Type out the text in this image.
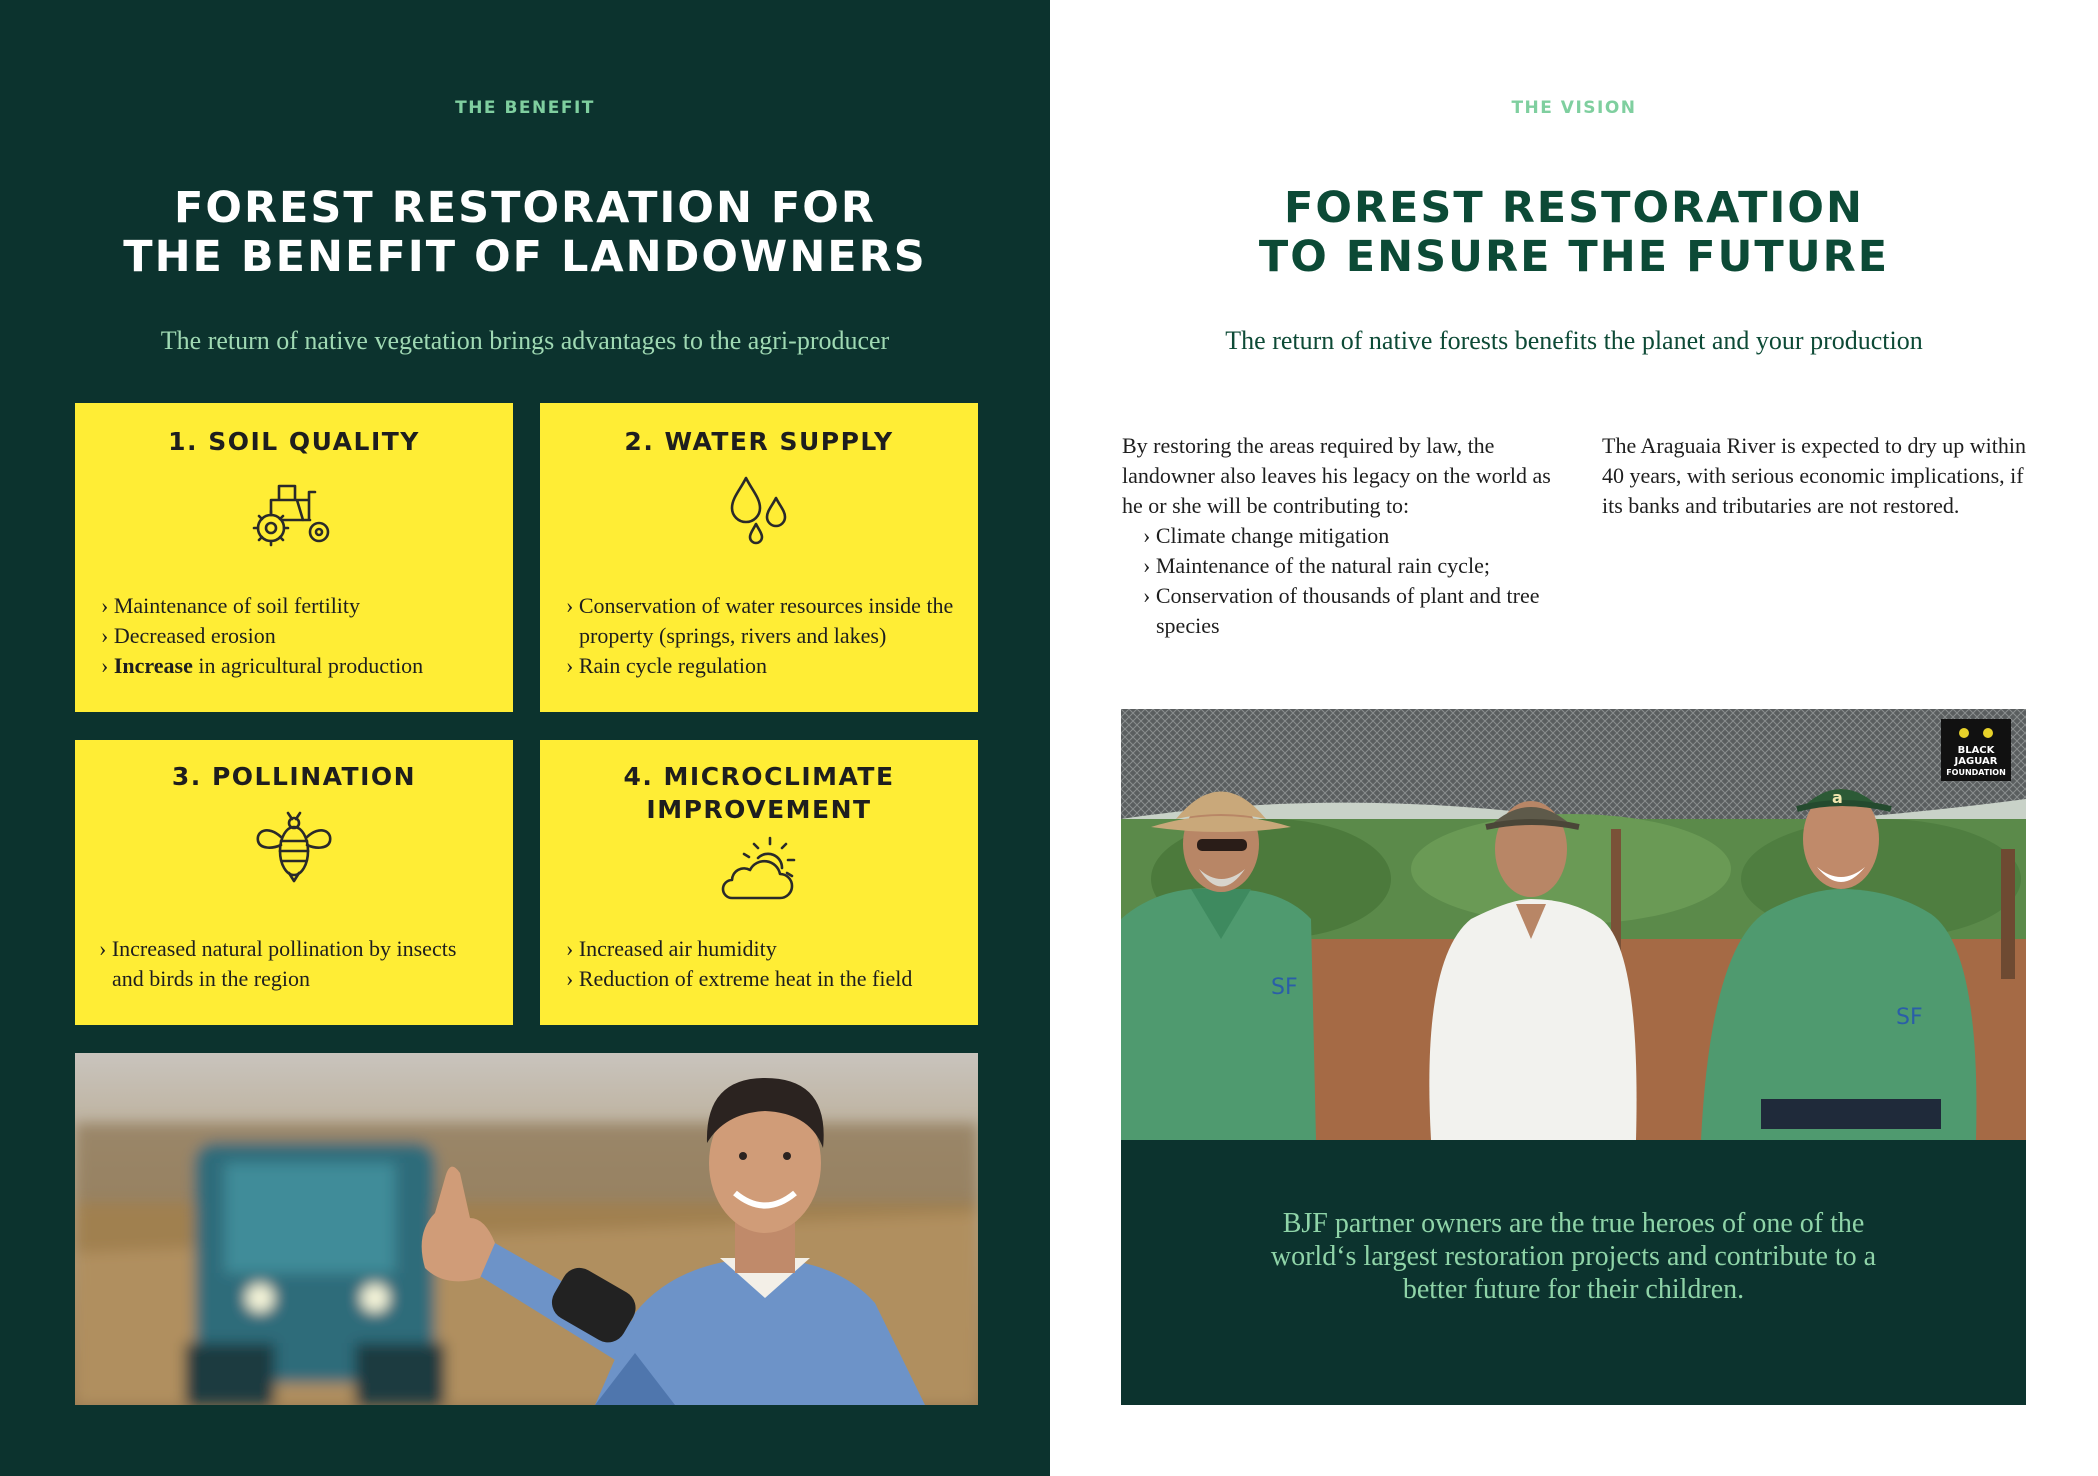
THE BENEFIT
FOREST RESTORATION FOR
THE BENEFIT OF LANDOWNERS
The return of native vegetation brings advantages to the agri-producer
1. SOIL QUALITY
› Maintenance of soil fertility
› Decreased erosion
› Increase in agricultural production
2. WATER SUPPLY
› Conservation of water resources inside the property (springs, rivers and lakes)
› Rain cycle regulation
3. POLLINATION
› Increased natural pollination by insects and birds in the region
4. MICROCLIMATE
IMPROVEMENT
› Increased air humidity
› Reduction of extreme heat in the field
THE VISION
FOREST RESTORATION
TO ENSURE THE FUTURE
The return of native forests benefits the planet and your production

By restoring the areas required by law, the landowner also leaves his legacy on the world as he or she will be contributing to:

› Climate change mitigation
› Maintenance of the natural rain cycle;
› Conservation of thousands of plant and tree species

The Araguaia River is expected to dry up within 40 years, with serious economic implications, if its banks and tributaries are not restored.

BLACK
JAGUAR
FOUNDATION
SF
SF
a

BJF partner owners are the true heroes of one of the world‘s largest restoration projects and contribute to a better future for their children.
